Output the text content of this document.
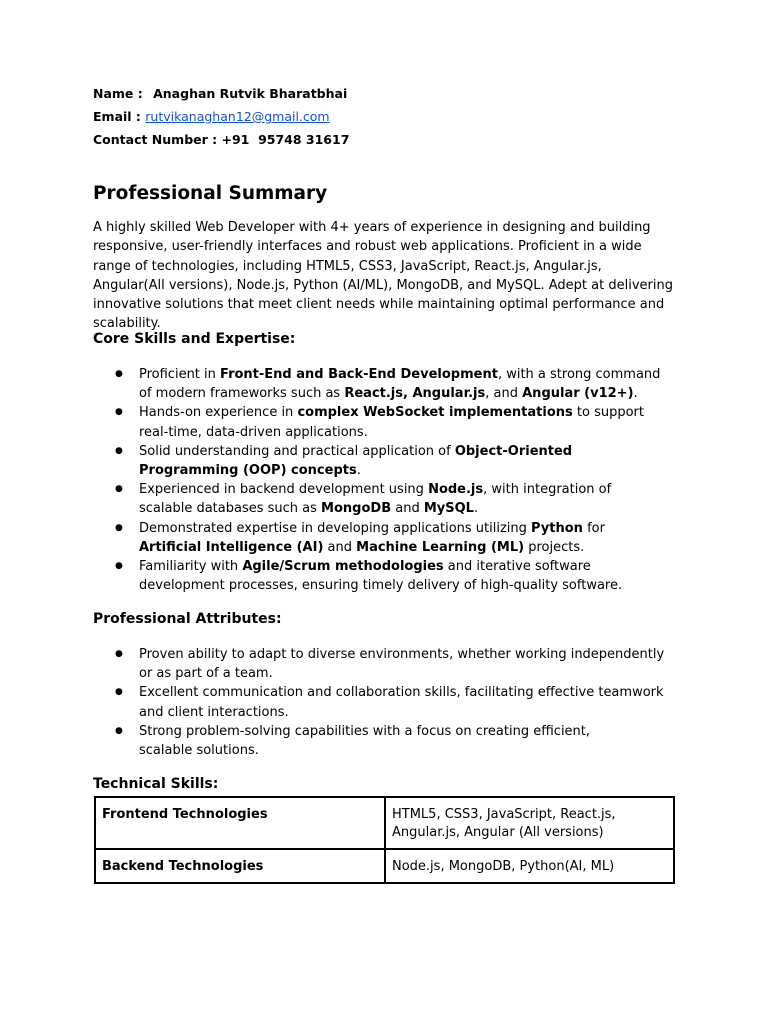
Name : Anaghan Rutvik Bharatbhai
Email : rutvikanaghan12@gmail.com
Contact Number : +91  95748 31617
Professional Summary

A highly skilled Web Developer with 4+ years of experience in designing and building responsive, user-friendly interfaces and robust web applications. Proficient in a wide range of technologies, including HTML5, CSS3, JavaScript, React.js, Angular.js, Angular(All versions), Node.js, Python (AI/ML), MongoDB, and MySQL. Adept at delivering innovative solutions that meet client needs while maintaining optimal performance and scalability.

Core Skills and Expertise:
● Proficient in Front-End and Back-End Development, with a strong command
of modern frameworks such as React.js, Angular.js, and Angular (v12+).
● Hands-on experience in complex WebSocket implementations to support
real-time, data-driven applications.
● Solid understanding and practical application of Object-Oriented
Programming (OOP) concepts.
● Experienced in backend development using Node.js, with integration of
scalable databases such as MongoDB and MySQL.
● Demonstrated expertise in developing applications utilizing Python for
Artificial Intelligence (AI) and Machine Learning (ML) projects.
● Familiarity with Agile/Scrum methodologies and iterative software
development processes, ensuring timely delivery of high-quality software.
Professional Attributes:
● Proven ability to adapt to diverse environments, whether working independently
or as part of a team.
● Excellent communication and collaboration skills, facilitating effective teamwork
and client interactions.
● Strong problem-solving capabilities with a focus on creating efficient,
scalable solutions.
Technical Skills:
Frontend Technologies	HTML5, CSS3, JavaScript, React.js, Angular.js, Angular (All versions)
Backend Technologies	Node.js, MongoDB, Python(AI, ML)
